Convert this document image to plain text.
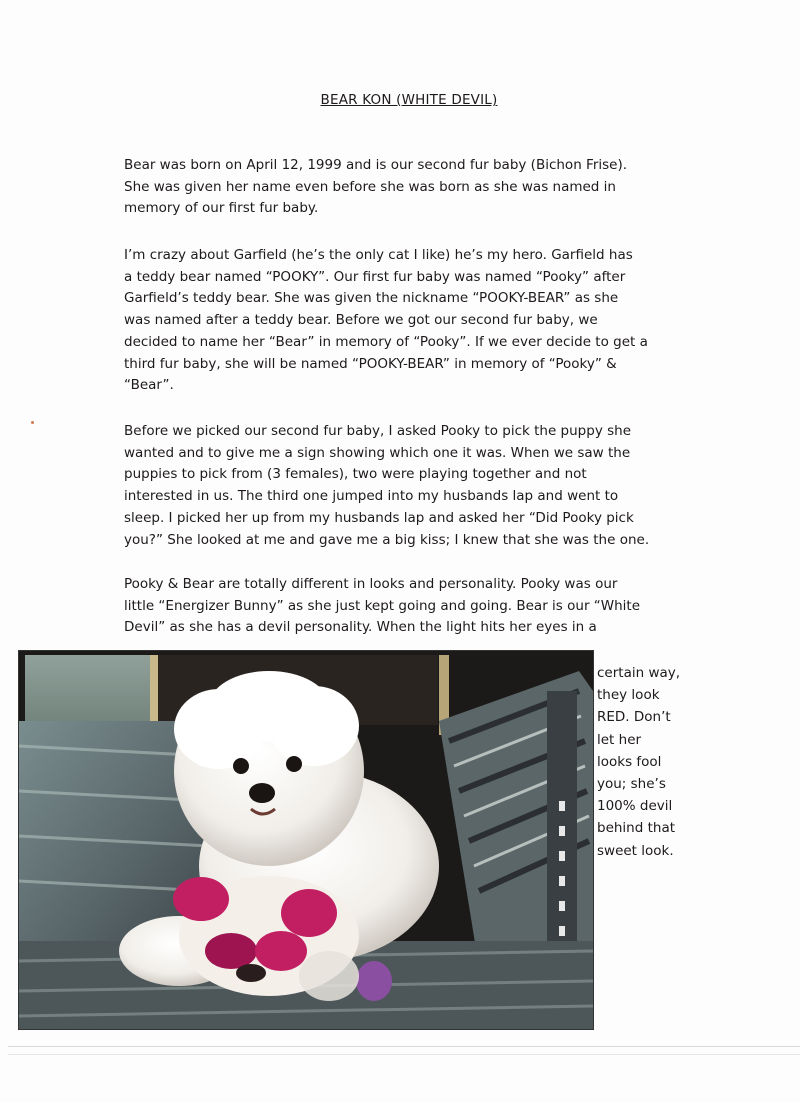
BEAR KON (WHITE DEVIL)

Bear was born on April 12, 1999 and is our second fur baby (Bichon Frise).
She was given her name even before she was born as she was named in
memory of our first fur baby.

I’m crazy about Garfield (he’s the only cat I like) he’s my hero. Garfield has
a teddy bear named “POOKY”. Our first fur baby was named “Pooky” after
Garfield’s teddy bear. She was given the nickname “POOKY-BEAR” as she
was named after a teddy bear. Before we got our second fur baby, we
decided to name her “Bear” in memory of “Pooky”. If we ever decide to get a
third fur baby, she will be named “POOKY-BEAR” in memory of “Pooky” &
“Bear”.

Before we picked our second fur baby, I asked Pooky to pick the puppy she
wanted and to give me a sign showing which one it was. When we saw the
puppies to pick from (3 females), two were playing together and not
interested in us. The third one jumped into my husbands lap and went to
sleep. I picked her up from my husbands lap and asked her “Did Pooky pick
you?” She looked at me and gave me a big kiss; I knew that she was the one.

Pooky & Bear are totally different in looks and personality. Pooky was our
little “Energizer Bunny” as she just kept going and going. Bear is our “White
Devil” as she has a devil personality. When the light hits her eyes in a

certain way,
they look
RED. Don’t
let her
looks fool
you; she’s
100% devil
behind that
sweet look.
